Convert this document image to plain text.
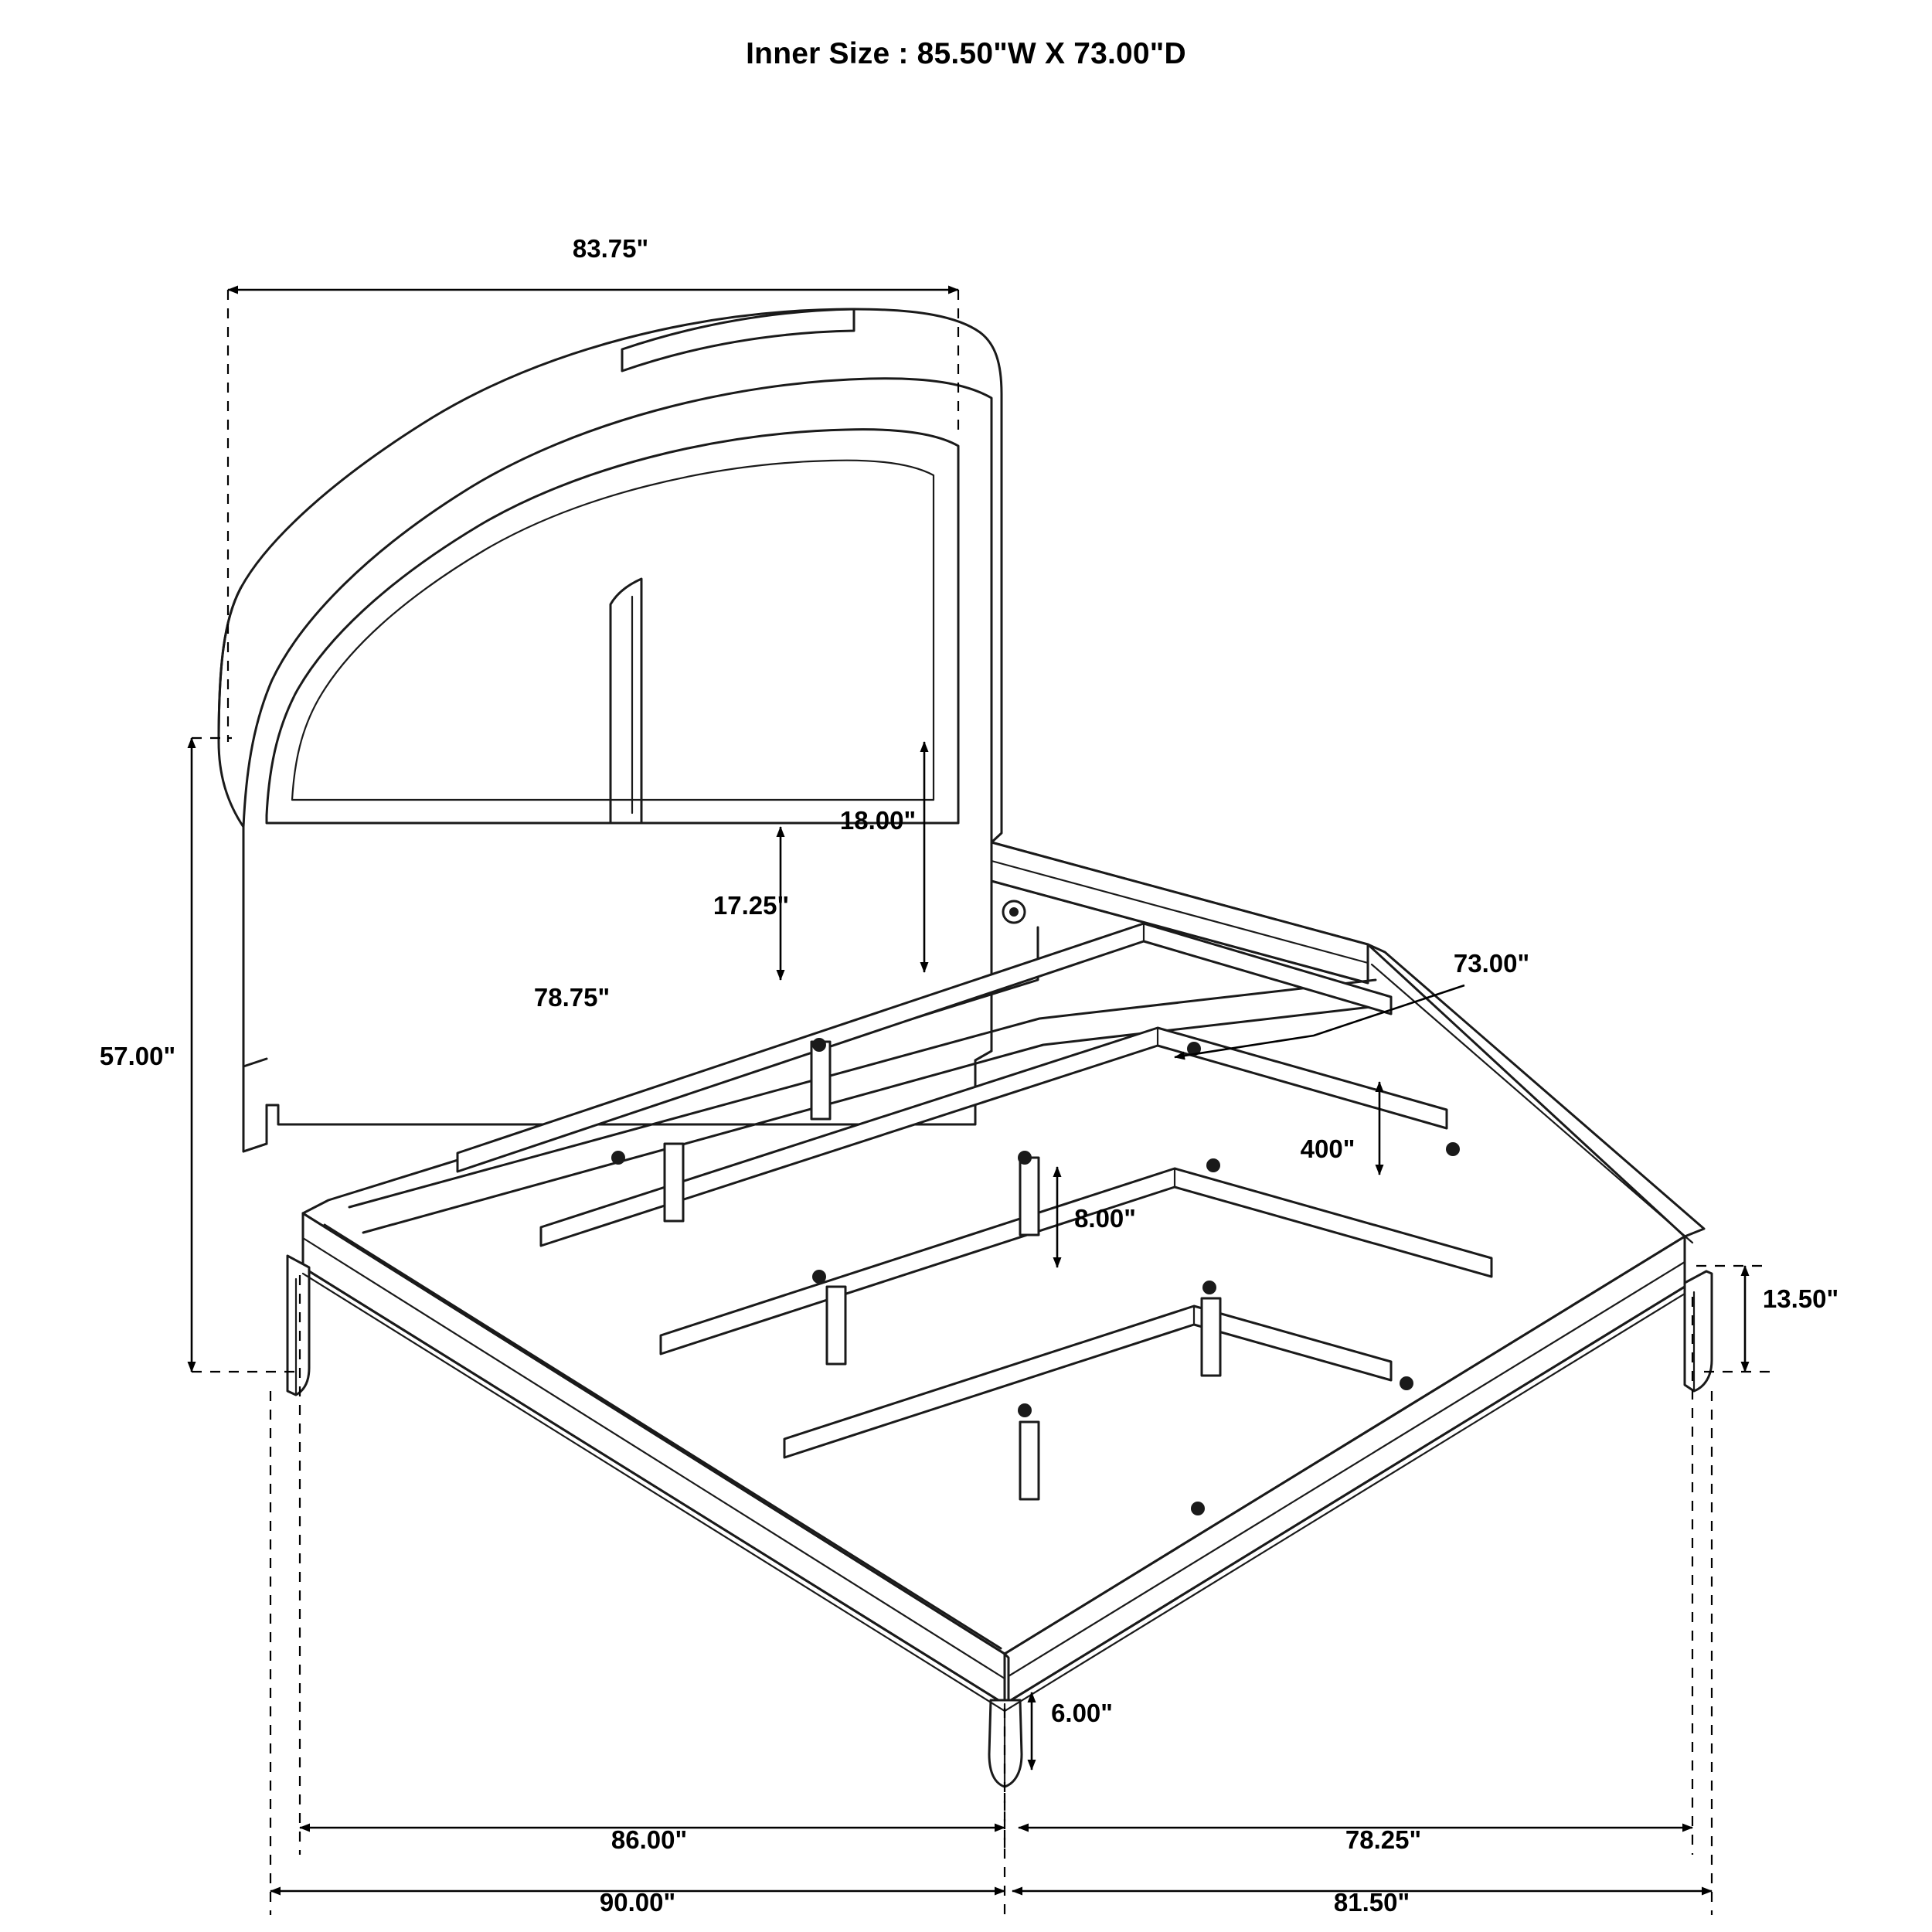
Inner Size : 85.50"W X 73.00"D
83.75"
57.00"
18.00"
17.25"
78.75"
73.00"
400"
8.00"
13.50"
6.00"
86.00"	78.25"
90.00"	81.50"
